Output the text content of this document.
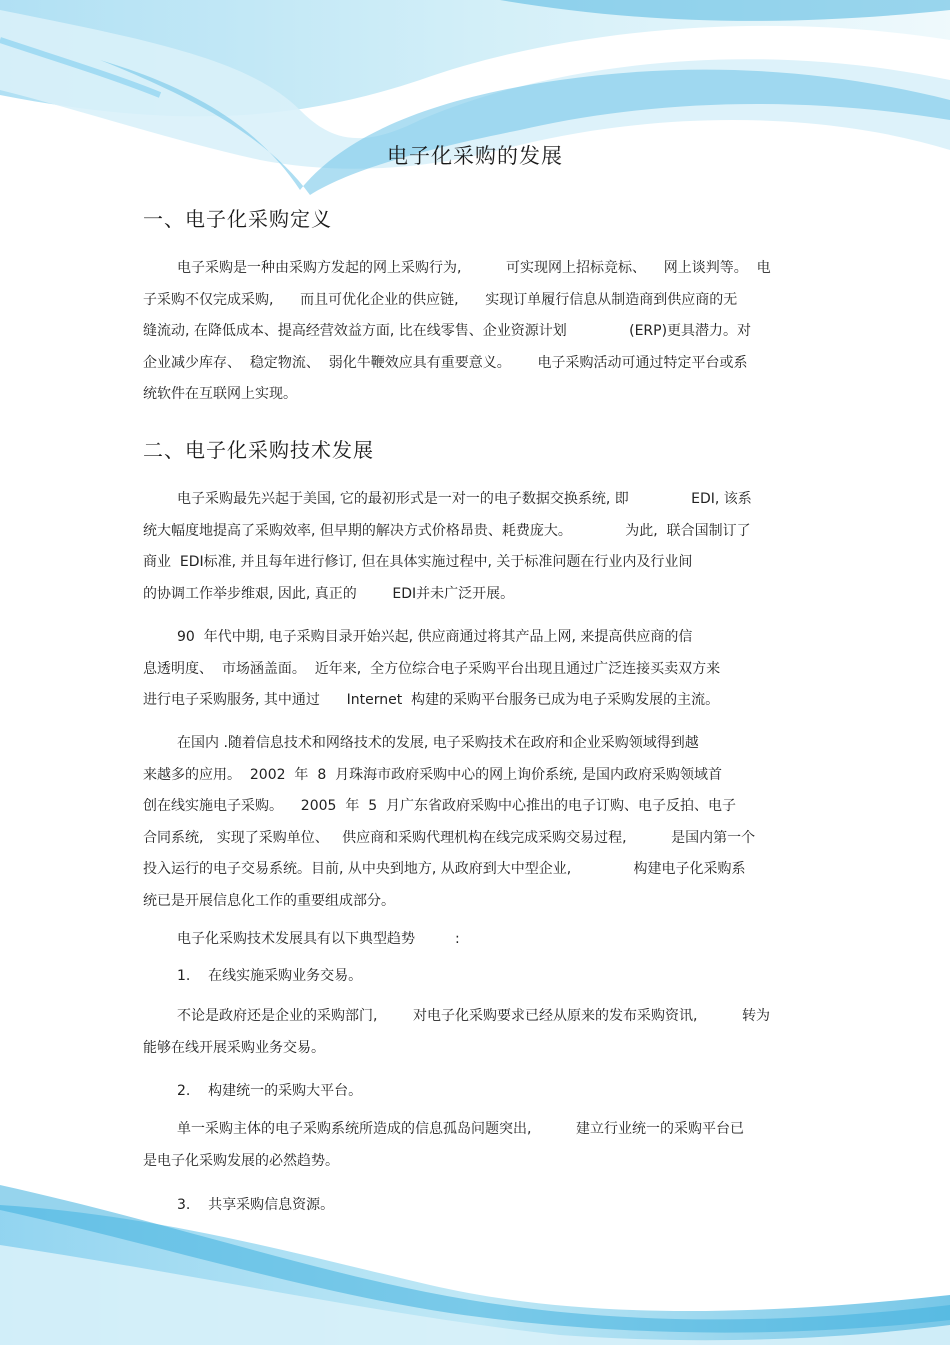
电子化采购的发展
一、电子化采购定义
电子采购是一种由采购方发起的网上采购行为,          可实现网上招标竞标、    网上谈判等。  电
子采购不仅完成采购,      而且可优化企业的供应链,      实现订单履行信息从制造商到供应商的无
缝流动, 在降低成本、提高经营效益方面, 比在线零售、企业资源计划              (ERP)更具潜力。对
企业减少库存、  稳定物流、  弱化牛鞭效应具有重要意义。      电子采购活动可通过特定平台或系
统软件在互联网上实现。
二、电子化采购技术发展
电子采购最先兴起于美国, 它的最初形式是一对一的电子数据交换系统, 即              EDI, 该系
统大幅度地提高了采购效率, 但早期的解决方式价格昂贵、耗费庞大。            为此,  联合国制订了
商业  EDI标准, 并且每年进行修订, 但在具体实施过程中, 关于标准问题在行业内及行业间
的协调工作举步维艰, 因此, 真正的        EDI并未广泛开展。
90  年代中期, 电子采购目录开始兴起, 供应商通过将其产品上网, 来提高供应商的信
息透明度、  市场涵盖面。  近年来,  全方位综合电子采购平台出现且通过广泛连接买卖双方来
进行电子采购服务, 其中通过      Internet  构建的采购平台服务已成为电子采购发展的主流。
在国内 .随着信息技术和网络技术的发展, 电子采购技术在政府和企业采购领域得到越
来越多的应用。  2002  年  8  月珠海市政府采购中心的网上询价系统, 是国内政府采购领域首
创在线实施电子采购。    2005  年  5  月广东省政府采购中心推出的电子订购、电子反拍、电子
合同系统,   实现了采购单位、   供应商和采购代理机构在线完成采购交易过程,          是国内第一个
投入运行的电子交易系统。目前, 从中央到地方, 从政府到大中型企业,              构建电子化采购系
统已是开展信息化工作的重要组成部分。
电子化采购技术发展具有以下典型趋势         :

1.    在线实施采购业务交易。

不论是政府还是企业的采购部门,        对电子化采购要求已经从原来的发布采购资讯,          转为
能够在线开展采购业务交易。

2.    构建统一的采购大平台。

单一采购主体的电子采购系统所造成的信息孤岛问题突出,          建立行业统一的采购平台已
是电子化采购发展的必然趋势。

3.    共享采购信息资源。
